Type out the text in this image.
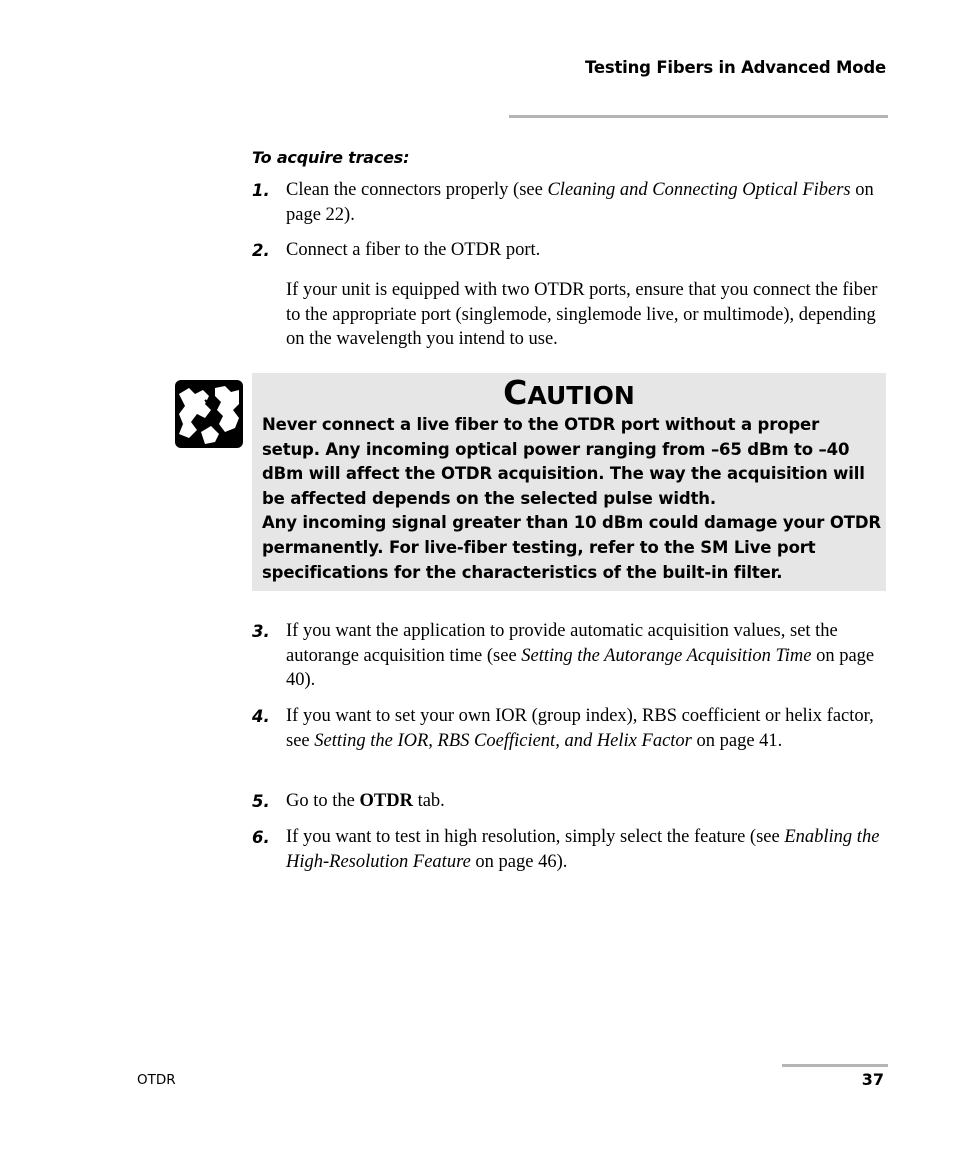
Testing Fibers in Advanced Mode
To acquire traces:
1. Clean the connectors properly (see Cleaning and Connecting Optical Fibers on page 22).
2. Connect a fiber to the OTDR port.
If your unit is equipped with two OTDR ports, ensure that you connect the fiber to the appropriate port (singlemode, singlemode live, or multimode), depending on the wavelength you intend to use.
CAUTION
Never connect a live fiber to the OTDR port without a proper setup. Any incoming optical power ranging from –65 dBm to –40 dBm will affect the OTDR acquisition. The way the acquisition will be affected depends on the selected pulse width.
Any incoming signal greater than 10 dBm could damage your OTDR permanently. For live-fiber testing, refer to the SM Live port specifications for the characteristics of the built-in filter.
3. If you want the application to provide automatic acquisition values, set the autorange acquisition time (see Setting the Autorange Acquisition Time on page 40).
4. If you want to set your own IOR (group index), RBS coefficient or helix factor, see Setting the IOR, RBS Coefficient, and Helix Factor on page 41.
5. Go to the OTDR tab.
6. If you want to test in high resolution, simply select the feature (see Enabling the High-Resolution Feature on page 46).
OTDR	37
